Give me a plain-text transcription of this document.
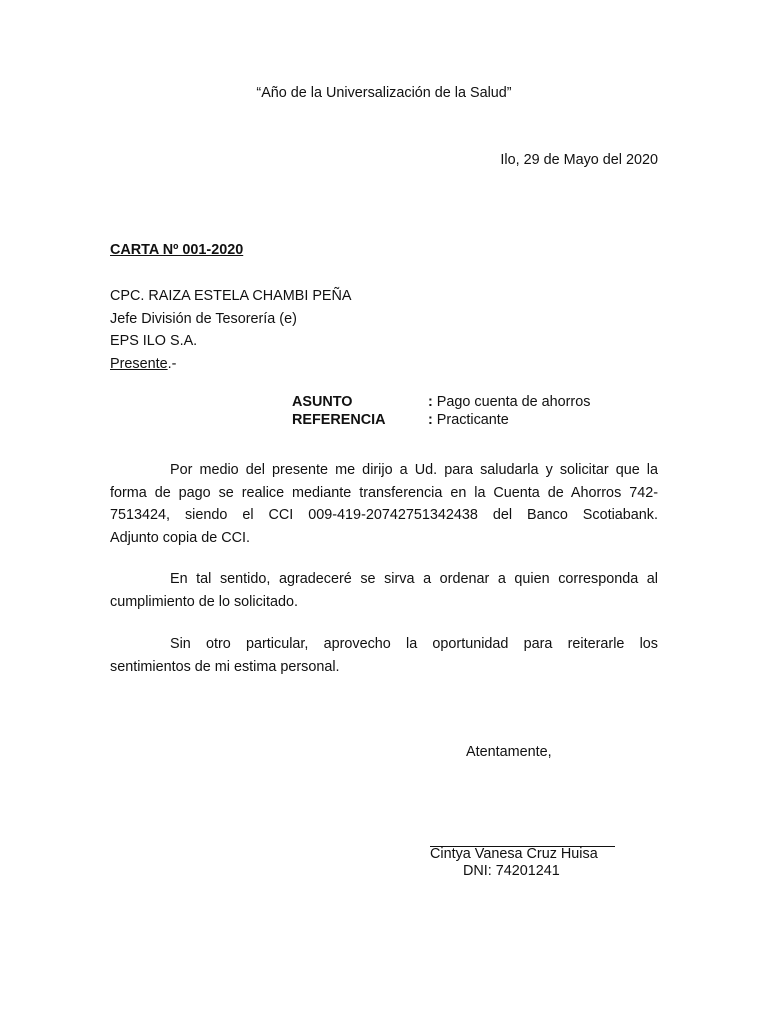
“Año de la Universalización de la Salud”
Ilo, 29 de Mayo del 2020
CARTA Nº 001-2020
CPC. RAIZA ESTELA CHAMBI PEÑA
Jefe División de Tesorería (e)
EPS ILO S.A.
Presente.-
ASUNTO	: Pago cuenta de ahorros
REFERENCIA	: Practicante
Por medio del presente me dirijo a Ud. para saludarla y solicitar que la
forma de pago se realice mediante transferencia en la Cuenta de Ahorros 742-
7513424, siendo el CCI 009-419-20742751342438 del Banco Scotiabank.
Adjunto copia de CCI.
En tal sentido, agradeceré se sirva a ordenar a quien corresponda al
cumplimiento de lo solicitado.
Sin otro particular, aprovecho la oportunidad para reiterarle los
sentimientos de mi estima personal.
Atentamente,
Cintya Vanesa Cruz Huisa
DNI: 74201241
